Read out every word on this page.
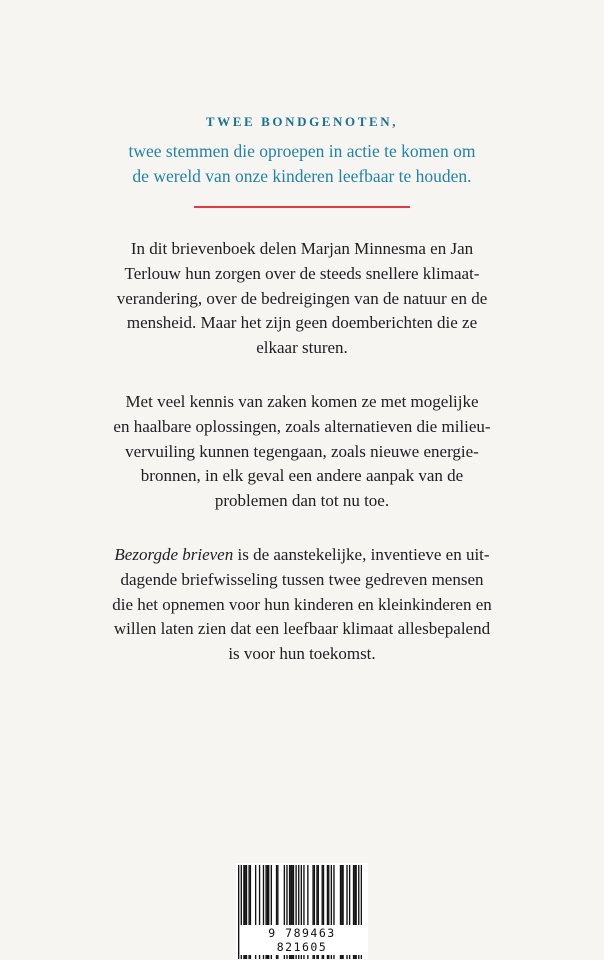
TWEE BONDGENOTEN,
twee stemmen die oproepen in actie te komen om
de wereld van onze kinderen leefbaar te houden.
In dit brievenboek delen Marjan Minnesma en Jan
Terlouw hun zorgen over de steeds snellere klimaat-
verandering, over de bedreigingen van de natuur en de
mensheid. Maar het zijn geen doemberichten die ze
elkaar sturen.
Met veel kennis van zaken komen ze met mogelijke
en haalbare oplossingen, zoals alternatieven die milieu-
vervuiling kunnen tegengaan, zoals nieuwe energie-
bronnen, in elk geval een andere aanpak van de
problemen dan tot nu toe.
Bezorgde brieven is de aanstekelijke, inventieve en uit-
dagende briefwisseling tussen twee gedreven mensen
die het opnemen voor hun kinderen en kleinkinderen en
willen laten zien dat een leefbaar klimaat allesbepalend
is voor hun toekomst.
9 789463 821605
